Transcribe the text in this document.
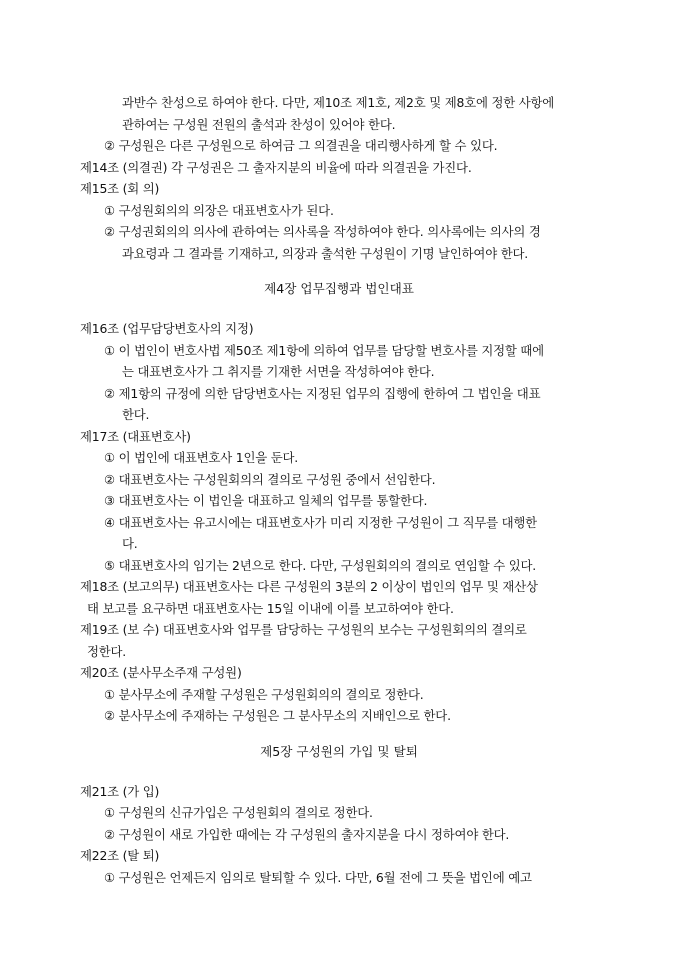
과반수 찬성으로 하여야 한다. 다만, 제10조 제1호, 제2호 및 제8호에 정한 사항에
관하여는 구성원 전원의 출석과 찬성이 있어야 한다.
② 구성원은 다른 구성원으로 하여금 그 의결권을 대리행사하게 할 수 있다.
제14조 (의결권) 각 구성권은 그 출자지분의 비율에 따라 의결권을 가진다.
제15조 (회 의)
① 구성원회의의 의장은 대표변호사가 된다.
② 구성권회의의 의사에 관하여는 의사록을 작성하여야 한다. 의사록에는 의사의 경
과요령과 그 결과를 기재하고, 의장과 출석한 구성원이 기명 날인하여야 한다.
제4장 업무집행과 법인대표
제16조 (업무담당변호사의 지정)
① 이 법인이 변호사법 제50조 제1항에 의하여 업무를 담당할 변호사를 지정할 때에
는 대표변호사가 그 취지를 기재한 서면을 작성하여야 한다.
② 제1항의 규정에 의한 담당변호사는 지정된 업무의 집행에 한하여 그 법인을 대표
한다.
제17조 (대표변호사)
① 이 법인에 대표변호사 1인을 둔다.
② 대표변호사는 구성원회의의 결의로 구성원 중에서 선임한다.
③ 대표변호사는 이 법인을 대표하고 일체의 업무를 통할한다.
④ 대표변호사는 유고시에는 대표변호사가 미리 지정한 구성원이 그 직무를 대행한
다.
⑤ 대표변호사의 임기는 2년으로 한다. 다만, 구성원회의의 결의로 연임할 수 있다.
제18조 (보고의무) 대표변호사는 다른 구성원의 3분의 2 이상이 법인의 업무 및 재산상
태 보고를 요구하면 대표변호사는 15일 이내에 이를 보고하여야 한다.
제19조 (보 수) 대표변호사와 업무를 담당하는 구성원의 보수는 구성원회의의 결의로
정한다.
제20조 (분사무소주재 구성원)
① 분사무소에 주재할 구성원은 구성원회의의 결의로 정한다.
② 분사무소에 주재하는 구성원은 그 분사무소의 지배인으로 한다.
제5장 구성원의 가입 및 탈퇴
제21조 (가 입)
① 구성원의 신규가입은 구성원회의 결의로 정한다.
② 구성원이 새로 가입한 때에는 각 구성원의 출자지분을 다시 정하여야 한다.
제22조 (탈 퇴)
① 구성원은 언제든지 임의로 탈퇴할 수 있다. 다만, 6월 전에 그 뜻을 법인에 예고
